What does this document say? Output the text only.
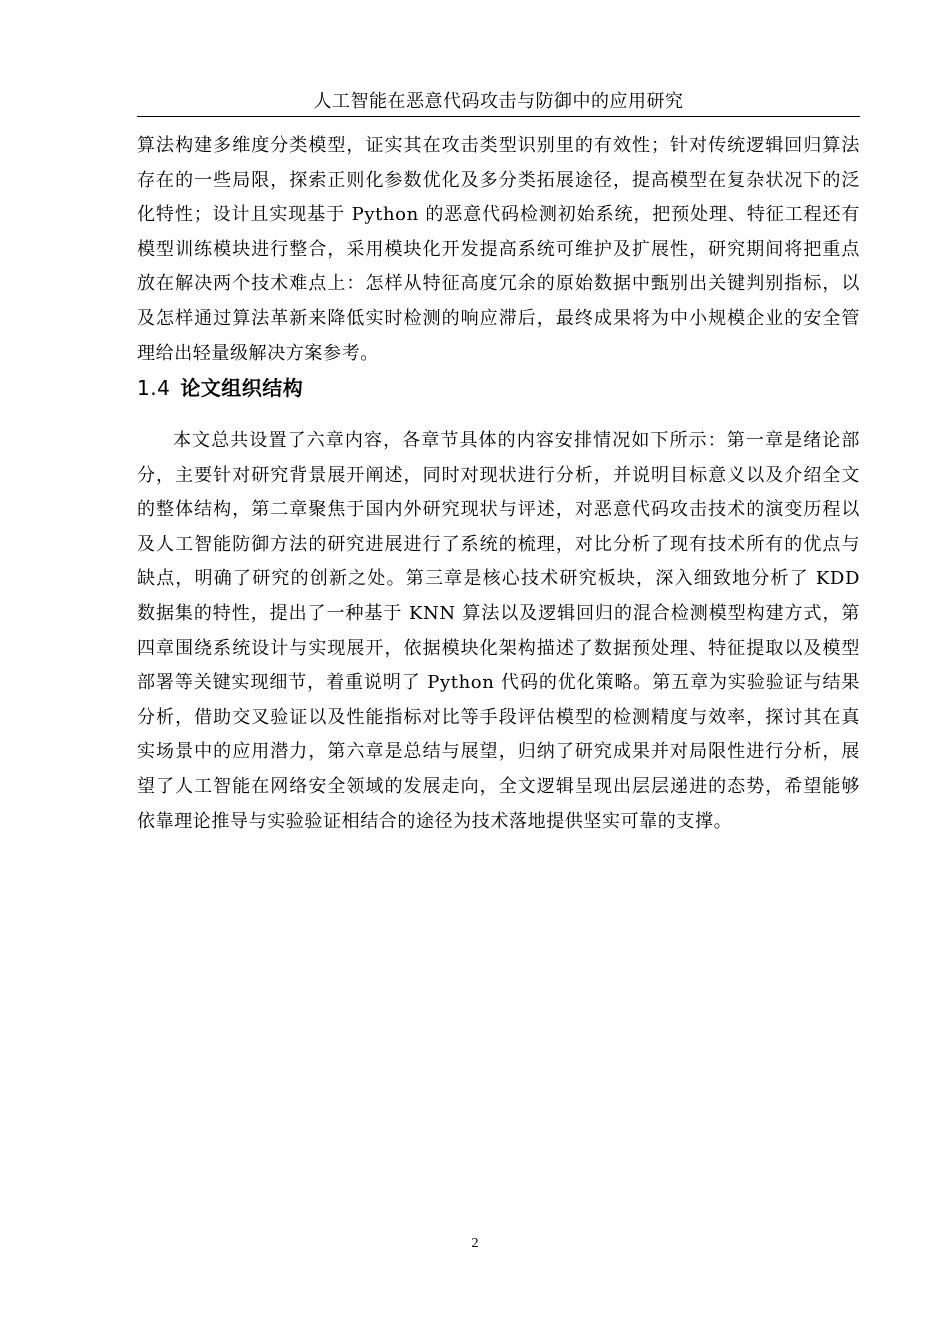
人工智能在恶意代码攻击与防御中的应用研究
算法构建多维度分类模型，证实其在攻击类型识别里的有效性；针对传统逻辑回归算法存在的一些局限，探索正则化参数优化及多分类拓展途径，提高模型在复杂状况下的泛化特性；设计且实现基于 Python 的恶意代码检测初始系统，把预处理、特征工程还有模型训练模块进行整合，采用模块化开发提高系统可维护及扩展性，研究期间将把重点放在解决两个技术难点上：怎样从特征高度冗余的原始数据中甄别出关键判别指标，以及怎样通过算法革新来降低实时检测的响应滞后，最终成果将为中小规模企业的安全管理给出轻量级解决方案参考。
1.4 论文组织结构
本文总共设置了六章内容，各章节具体的内容安排情况如下所示：第一章是绪论部分，主要针对研究背景展开阐述，同时对现状进行分析，并说明目标意义以及介绍全文的整体结构，第二章聚焦于国内外研究现状与评述，对恶意代码攻击技术的演变历程以及人工智能防御方法的研究进展进行了系统的梳理，对比分析了现有技术所有的优点与缺点，明确了研究的创新之处。第三章是核心技术研究板块，深入细致地分析了 KDD 数据集的特性，提出了一种基于 KNN 算法以及逻辑回归的混合检测模型构建方式，第四章围绕系统设计与实现展开，依据模块化架构描述了数据预处理、特征提取以及模型部署等关键实现细节，着重说明了 Python 代码的优化策略。第五章为实验验证与结果分析，借助交叉验证以及性能指标对比等手段评估模型的检测精度与效率，探讨其在真实场景中的应用潜力，第六章是总结与展望，归纳了研究成果并对局限性进行分析，展望了人工智能在网络安全领域的发展走向，全文逻辑呈现出层层递进的态势，希望能够依靠理论推导与实验验证相结合的途径为技术落地提供坚实可靠的支撑。
2
